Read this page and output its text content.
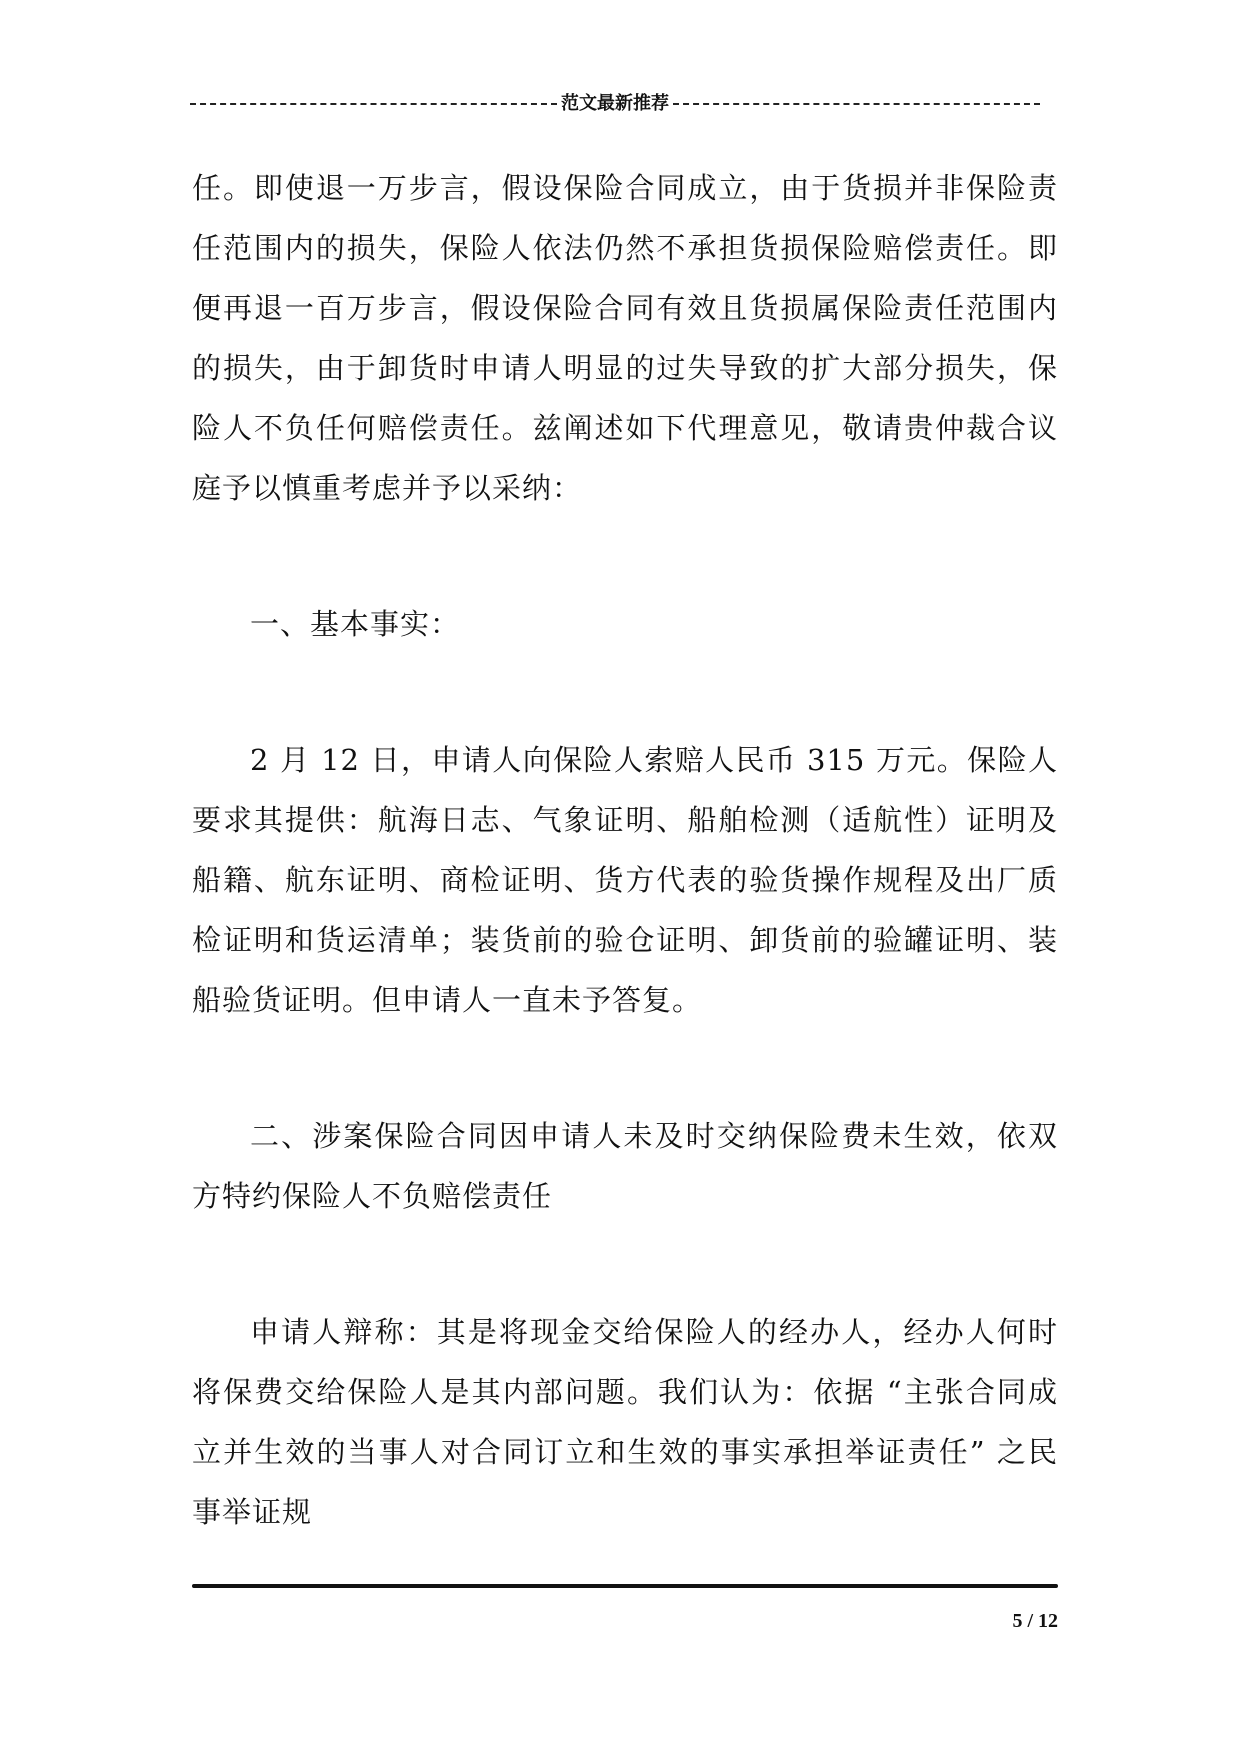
范文最新推荐

任。即使退一万步言，假设保险合同成立，由于货损并非保险责任范围内的损失，保险人依法仍然不承担货损保险赔偿责任。即便再退一百万步言，假设保险合同有效且货损属保险责任范围内的损失，由于卸货时申请人明显的过失导致的扩大部分损失，保险人不负任何赔偿责任。兹阐述如下代理意见，敬请贵仲裁合议庭予以慎重考虑并予以采纳：

一、基本事实：

2 月 12 日，申请人向保险人索赔人民币 315 万元。保险人要求其提供：航海日志、气象证明、船舶检测（适航性）证明及船籍、航东证明、商检证明、货方代表的验货操作规程及出厂质检证明和货运清单；装货前的验仓证明、卸货前的验罐证明、装船验货证明。但申请人一直未予答复。

二、涉案保险合同因申请人未及时交纳保险费未生效，依双方特约保险人不负赔偿责任

申请人辩称：其是将现金交给保险人的经办人，经办人何时将保费交给保险人是其内部问题。我们认为：依据 “主张合同成立并生效的当事人对合同订立和生效的事实承担举证责任” 之民事举证规

5 / 12
